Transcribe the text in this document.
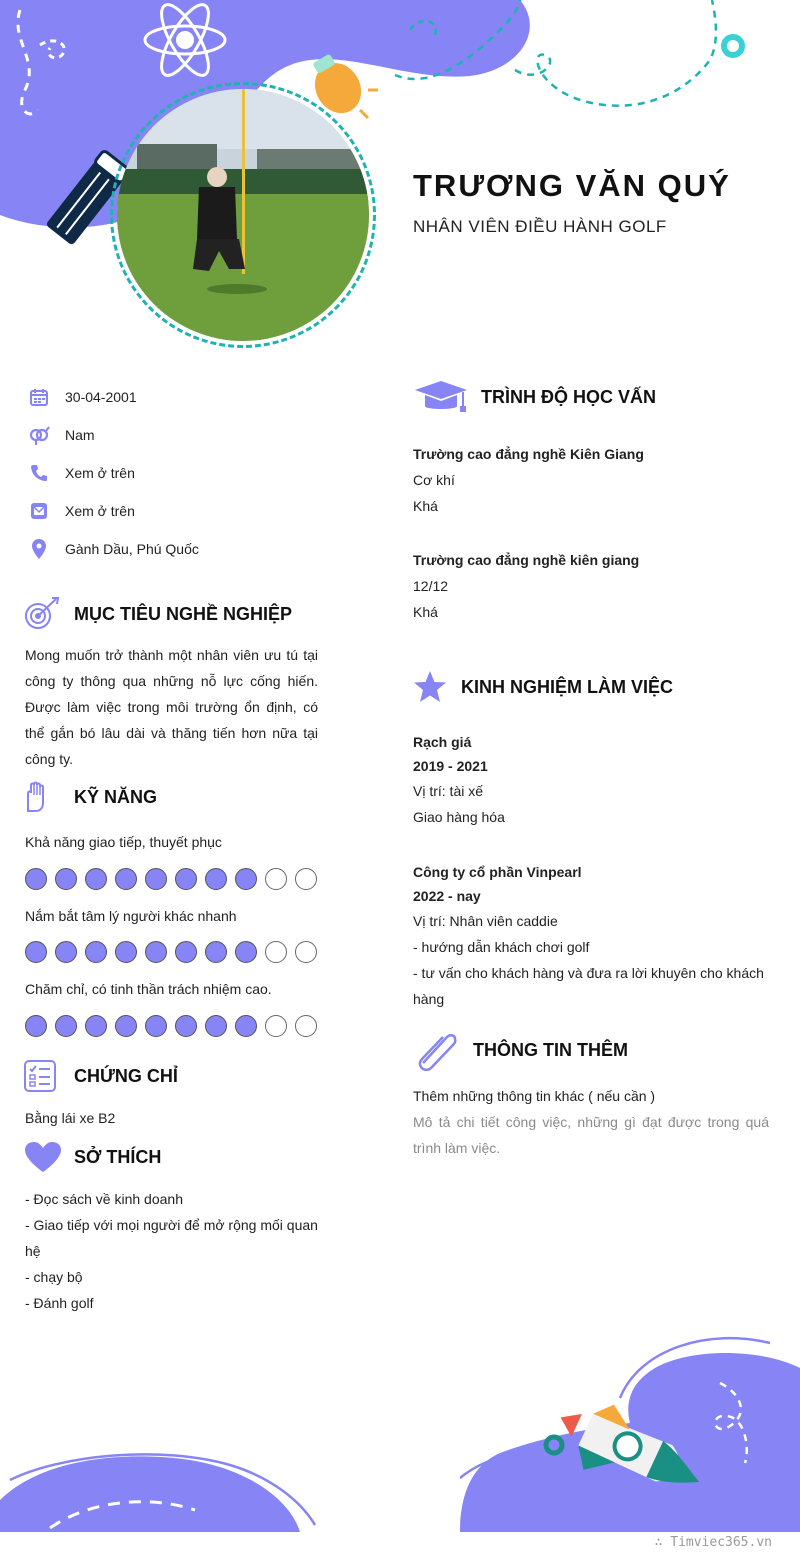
TRƯƠNG VĂN QUÝ
NHÂN VIÊN ĐIỀU HÀNH GOLF
30-04-2001
Nam
Xem ở trên
Xem ở trên
Gành Dầu, Phú Quốc
MỤC TIÊU NGHỀ NGHIỆP

Mong muốn trở thành một nhân viên ưu tú tại công ty thông qua những nỗ lực cống hiến. Được làm việc trong môi trường ổn định, có thể gắn bó lâu dài và thăng tiến hơn nữa tại công ty.

KỸ NĂNG
Khả năng giao tiếp, thuyết phục
Nắm bắt tâm lý người khác nhanh
Chăm chỉ, có tinh thần trách nhiệm cao.
CHỨNG CHỈ
Bằng lái xe B2
SỞ THÍCH
- Đọc sách về kinh doanh
- Giao tiếp với mọi người để mở rộng mối quan hệ
- chạy bộ
- Đánh golf
TRÌNH ĐỘ HỌC VẤN
Trường cao đẳng nghề Kiên Giang
Cơ khí
Khá
Trường cao đẳng nghề kiên giang
12/12
Khá
KINH NGHIỆM LÀM VIỆC
Rạch giá
2019 - 2021
Vị trí: tài xế
Giao hàng hóa
Công ty cổ phần Vinpearl
2022 - nay
Vị trí: Nhân viên caddie
- hướng dẫn khách chơi golf
- tư vấn cho khách hàng và đưa ra lời khuyên cho khách hàng
THÔNG TIN THÊM
Thêm những thông tin khác ( nếu cần )
Mô tả chi tiết công việc, những gì đạt được trong quá trình làm việc.
∴ Timviec365.vn
